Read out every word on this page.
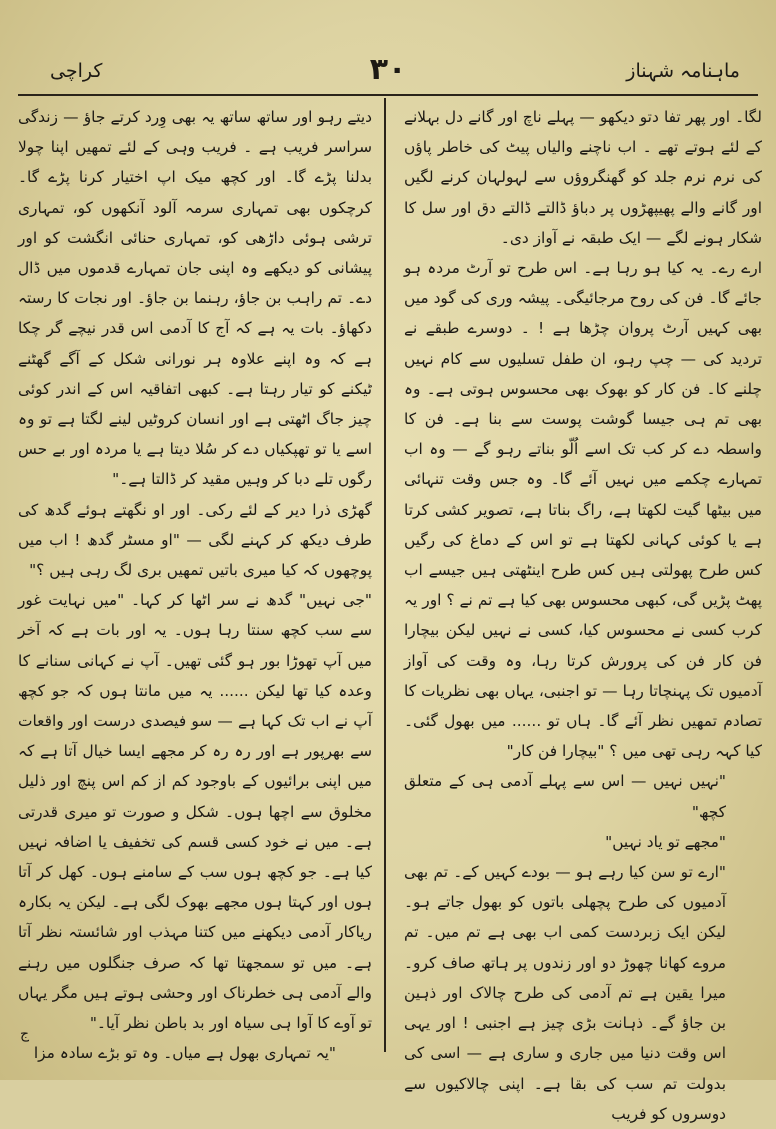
ماہنامہ شہناز
۳۰
کراچی

لگا۔ اور پھر تفا دتو دیکھو — پہلے ناچ اور گانے دل بہلانے کے لئے ہوتے تھے ۔ اب ناچنے والیاں پیٹ کی خاطر پاؤں کی نرم نرم جلد کو گھنگروؤں سے لہولہان کرنے لگیں اور گانے والے پھیپھڑوں پر دباؤ ڈالتے ڈالتے دق اور سل کا شکار ہونے لگے — ایک طبقہ نے آواز دی۔

ارے رے۔ یہ کیا ہو رہا ہے۔ اس طرح تو آرٹ مردہ ہو جائے گا۔ فن کی روح مرجائیگی۔ پیشہ وری کی گود میں بھی کہیں آرٹ پروان چڑھا ہے ! ۔ دوسرے طبقے نے تردید کی — چپ رہو، ان طفل تسلیوں سے کام نہیں چلنے کا۔ فن کار کو بھوک بھی محسوس ہوتی ہے۔ وہ بھی تم ہی جیسا گوشت پوست سے بنا ہے۔ فن کا واسطہ دے کر کب تک اسے اُلّو بناتے رہو گے — وہ اب تمہارے چکمے میں نہیں آئے گا۔ وہ جس وقت تنہائی میں بیٹھا گیت لکھتا ہے، راگ بناتا ہے، تصویر کشی کرتا ہے یا کوئی کہانی لکھتا ہے تو اس کے دماغ کی رگیں کس طرح پھولتی ہیں کس طرح اینٹھتی ہیں جیسے اب پھٹ پڑیں گی، کبھی محسوس بھی کیا ہے تم نے ؟ اور یہ کرب کسی نے محسوس کیا، کسی نے نہیں لیکن بیچارا فن کار فن کی پرورش کرتا رہا، وہ وقت کی آواز آدمیوں تک پہنچاتا رہا — تو اجنبی، یہاں بھی نظریات کا تصادم تمھیں نظر آئے گا۔ ہاں تو ...... میں بھول گئی۔ کیا کہہ رہی تھی میں ؟ "بیچارا فن کار"

"نہیں نہیں — اس سے پہلے آدمی ہی کے متعلق کچھ"

"مجھے تو یاد نہیں"

"ارے تو سن کیا رہے ہو — بودے کہیں کے۔ تم بھی آدمیوں کی طرح پچھلی باتوں کو بھول جاتے ہو۔ لیکن ایک زبردست کمی اب بھی ہے تم میں۔ تم مروے کھانا چھوڑ دو اور زندوں پر ہاتھ صاف کرو۔ میرا یقین ہے تم آدمی کی طرح چالاک اور ذہین بن جاؤ گے۔ ذہانت بڑی چیز ہے اجنبی ! اور یہی اس وقت دنیا میں جاری و ساری ہے — اسی کی بدولت تم سب کی بقا ہے۔ اپنی چالاکیوں سے دوسروں کو فریب

دیتے رہو اور ساتھ ساتھ یہ بھی وِرد کرتے جاؤ — زندگی سراسر فریب ہے ۔ فریب وہی کے لئے تمھیں اپنا چولا بدلنا پڑے گا۔ اور کچھ میک اپ اختیار کرنا پڑے گا۔ کرچکوں بھی تمہاری سرمہ آلود آنکھوں کو، تمہاری ترشی ہوئی داڑھی کو، تمہاری حنائی انگشت کو اور پیشانی کو دیکھے وہ اپنی جان تمہارے قدموں میں ڈال دے۔ تم راہب بن جاؤ، رہنما بن جاؤ۔ اور نجات کا رستہ دکھاؤ۔ بات یہ ہے کہ آج کا آدمی اس قدر نیچے گر چکا ہے کہ وہ اپنے علاوہ ہر نورانی شکل کے آگے گھٹنے ٹیکنے کو تیار رہتا ہے۔ کبھی اتفاقیہ اس کے اندر کوئی چیز جاگ اٹھتی ہے اور انسان کروٹیں لینے لگتا ہے تو وہ اسے یا تو تھپکیاں دے کر سُلا دیتا ہے یا مردہ اور بے حس رگوں تلے دبا کر وہیں مقید کر ڈالتا ہے۔"

گھڑی ذرا دیر کے لئے رکی۔ اور او نگھتے ہوئے گدھ کی طرف دیکھ کر کہنے لگی — "او مسٹر گدھ ! اب میں پوچھوں کہ کیا میری باتیں تمھیں بری لگ رہی ہیں ؟"

"جی نہیں" گدھ نے سر اٹھا کر کہا۔ "میں نہایت غور سے سب کچھ سنتا رہا ہوں۔ یہ اور بات ہے کہ آخر میں آپ تھوڑا بور ہو گئی تھیں۔ آپ نے کہانی سنانے کا وعدہ کیا تھا لیکن ...... یہ میں مانتا ہوں کہ جو کچھ آپ نے اب تک کہا ہے — سو فیصدی درست اور واقعات سے بھرپور ہے اور رہ رہ کر مجھے ایسا خیال آتا ہے کہ میں اپنی برائیوں کے باوجود کم از کم اس پنچ اور ذلیل مخلوق سے اچھا ہوں۔ شکل و صورت تو میری قدرتی ہے۔ میں نے خود کسی قسم کی تخفیف یا اضافہ نہیں کیا ہے۔ جو کچھ ہوں سب کے سامنے ہوں۔ کھل کر آتا ہوں اور کہتا ہوں مجھے بھوک لگی ہے۔ لیکن یہ بکارہ ریاکار آدمی دیکھنے میں کتنا مہذب اور شائستہ نظر آتا ہے۔ میں تو سمجھتا تھا کہ صرف جنگلوں میں رہنے والے آدمی ہی خطرناک اور وحشی ہوتے ہیں مگر یہاں تو آوے کا آوا ہی سیاہ اور بد باطن نظر آیا۔"

"یہ تمہاری بھول ہے میاں۔ وہ تو بڑے سادہ مزا

ج
